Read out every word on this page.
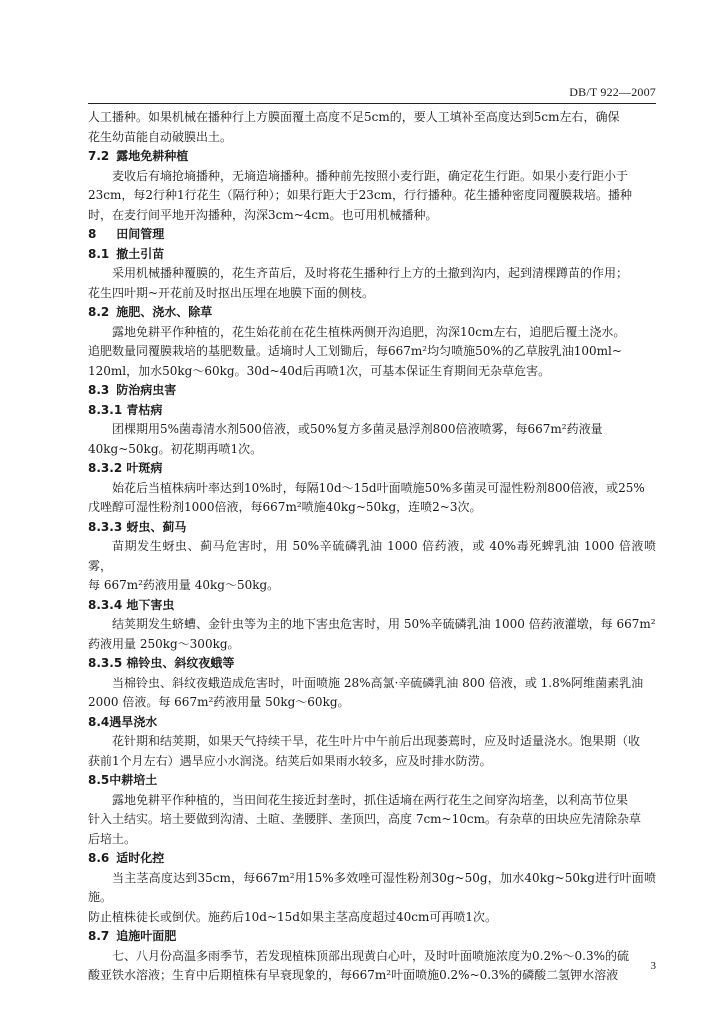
DB/T 922—2007

人工播种。如果机械在播种行上方膜面覆土高度不足5cm的，要人工填补至高度达到5cm左右，确保

花生幼苗能自动破膜出土。

7.2 露地免耕种植

麦收后有墒抢墒播种，无墒造墒播种。播种前先按照小麦行距，确定花生行距。如果小麦行距小于

23cm，每2行种1行花生（隔行种）；如果行距大于23cm，行行播种。花生播种密度同覆膜栽培。播种

时，在麦行间平地开沟播种，沟深3cm~4cm。也可用机械播种。

8 田间管理

8.1 撤土引苗

采用机械播种覆膜的，花生齐苗后，及时将花生播种行上方的土撤到沟内，起到清棵蹲苗的作用；

花生四叶期~开花前及时抠出压埋在地膜下面的侧枝。

8.2 施肥、浇水、除草

露地免耕平作种植的，花生始花前在花生植株两侧开沟追肥，沟深10cm左右，追肥后覆土浇水。

追肥数量同覆膜栽培的基肥数量。适墒时人工划锄后，每667m²均匀喷施50%的乙草胺乳油100ml~

120ml，加水50kg～60kg。30d~40d后再喷1次，可基本保证生育期间无杂草危害。

8.3 防治病虫害

8.3.1 青枯病

团棵期用5%菌毒清水剂500倍液，或50%复方多菌灵悬浮剂800倍液喷雾，每667m²药液量

40kg~50kg。初花期再喷1次。

8.3.2 叶斑病

始花后当植株病叶率达到10%时，每隔10d～15d叶面喷施50%多菌灵可湿性粉剂800倍液，或25%

戊唑醇可湿性粉剂1000倍液，每667m²喷施40kg~50kg，连喷2~3次。

8.3.3 蚜虫、蓟马

苗期发生蚜虫、蓟马危害时，用 50%辛硫磷乳油 1000 倍药液，或 40%毒死蜱乳油 1000 倍液喷雾，

每 667m²药液用量 40kg～50kg。

8.3.4 地下害虫

结荚期发生蛴螬、金针虫等为主的地下害虫危害时，用 50%辛硫磷乳油 1000 倍药液灌墩，每 667m²

药液用量 250kg～300kg。

8.3.5 棉铃虫、斜纹夜蛾等

当棉铃虫、斜纹夜蛾造成危害时，叶面喷施 28%高氯·辛硫磷乳油 800 倍液，或 1.8%阿维菌素乳油

2000 倍液。每 667m²药液用量 50kg～60kg。

8.4遇旱浇水

花针期和结荚期，如果天气持续干旱，花生叶片中午前后出现萎蔫时，应及时适量浇水。饱果期（收

获前1个月左右）遇旱应小水润浇。结荚后如果雨水较多，应及时排水防涝。

8.5中耕培土

露地免耕平作种植的，当田间花生接近封垄时，抓住适墒在两行花生之间穿沟培垄，以利高节位果

针入土结实。培土要做到沟清、土暄、垄腰胖、垄顶凹，高度 7cm~10cm。有杂草的田块应先清除杂草

后培土。

8.6 适时化控

当主茎高度达到35cm，每667m²用15%多效唑可湿性粉剂30g~50g，加水40kg~50kg进行叶面喷施。

防止植株徒长或倒伏。施药后10d~15d如果主茎高度超过40cm可再喷1次。

8.7 追施叶面肥

七、八月份高温多雨季节，若发现植株顶部出现黄白心叶，及时叶面喷施浓度为0.2%～0.3%的硫

酸亚铁水溶液；生育中后期植株有早衰现象的，每667m²叶面喷施0.2%~0.3%的磷酸二氢钾水溶液

3
